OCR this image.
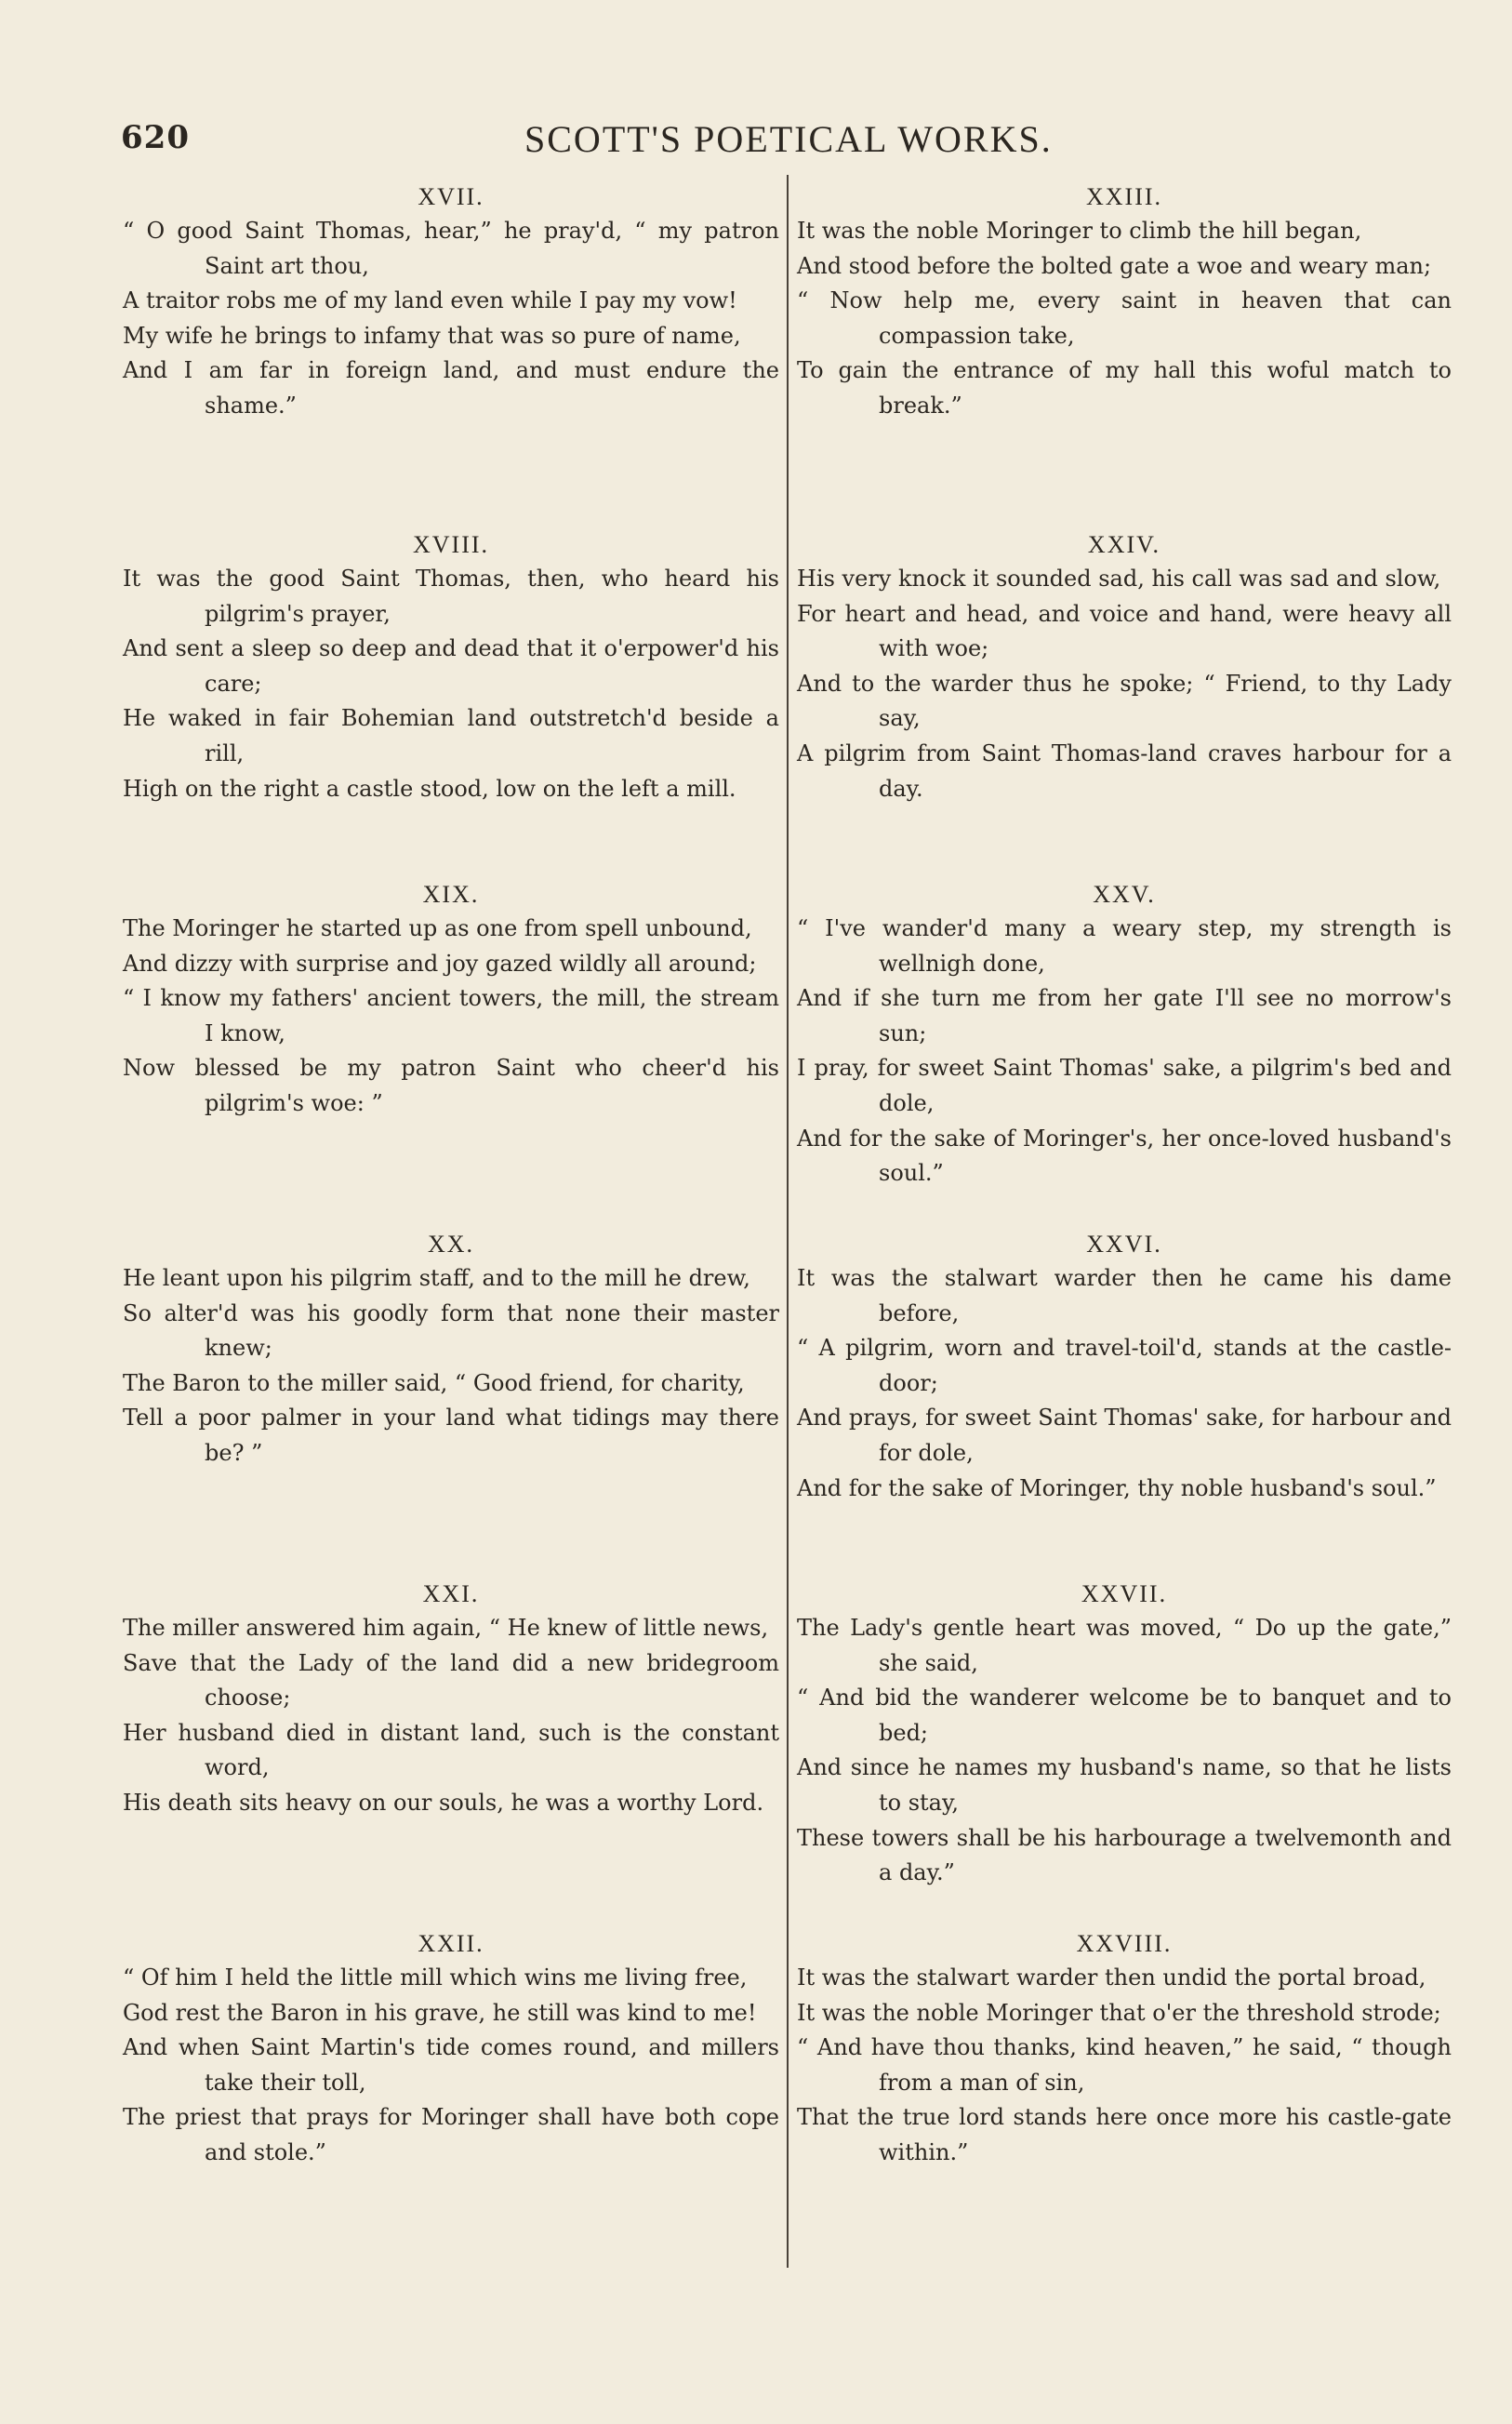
620	SCOTT'S POETICAL WORKS.
XVII.

“ O good Saint Thomas, hear,” he pray'd, “ my patron Saint art thou,

A traitor robs me of my land even while I pay my vow!

My wife he brings to infamy that was so pure of name,

And I am far in foreign land, and must endure the shame.”

XVIII.

It was the good Saint Thomas, then, who heard his pilgrim's prayer,

And sent a sleep so deep and dead that it o'erpower'd his care;

He waked in fair Bohemian land outstretch'd beside a rill,

High on the right a castle stood, low on the left a mill.

XIX.

The Moringer he started up as one from spell unbound,

And dizzy with surprise and joy gazed wildly all around;

“ I know my fathers' ancient towers, the mill, the stream I know,

Now blessed be my patron Saint who cheer'd his pilgrim's woe: ”

XX.

He leant upon his pilgrim staff, and to the mill he drew,

So alter'd was his goodly form that none their master knew;

The Baron to the miller said, “ Good friend, for charity,

Tell a poor palmer in your land what tidings may there be? ”

XXI.

The miller answered him again, “ He knew of little news,

Save that the Lady of the land did a new bridegroom choose;

Her husband died in distant land, such is the constant word,

His death sits heavy on our souls, he was a worthy Lord.

XXII.

“ Of him I held the little mill which wins me living free,

God rest the Baron in his grave, he still was kind to me!

And when Saint Martin's tide comes round, and millers take their toll,

The priest that prays for Moringer shall have both cope and stole.”

XXIII.

It was the noble Moringer to climb the hill began,

And stood before the bolted gate a woe and weary man;

“ Now help me, every saint in heaven that can compassion take,

To gain the entrance of my hall this woful match to break.”

XXIV.

His very knock it sounded sad, his call was sad and slow,

For heart and head, and voice and hand, were heavy all with woe;

And to the warder thus he spoke; “ Friend, to thy Lady say,

A pilgrim from Saint Thomas-land craves harbour for a day.

XXV.

“ I've wander'd many a weary step, my strength is wellnigh done,

And if she turn me from her gate I'll see no morrow's sun;

I pray, for sweet Saint Thomas' sake, a pilgrim's bed and dole,

And for the sake of Moringer's, her once-loved husband's soul.”

XXVI.

It was the stalwart warder then he came his dame before,

“ A pilgrim, worn and travel-toil'd, stands at the castle-door;

And prays, for sweet Saint Thomas' sake, for harbour and for dole,

And for the sake of Moringer, thy noble husband's soul.”

XXVII.

The Lady's gentle heart was moved, “ Do up the gate,” she said,

“ And bid the wanderer welcome be to banquet and to bed;

And since he names my husband's name, so that he lists to stay,

These towers shall be his harbourage a twelvemonth and a day.”

XXVIII.

It was the stalwart warder then undid the portal broad,

It was the noble Moringer that o'er the threshold strode;

“ And have thou thanks, kind heaven,” he said, “ though from a man of sin,

That the true lord stands here once more his castle-gate within.”
